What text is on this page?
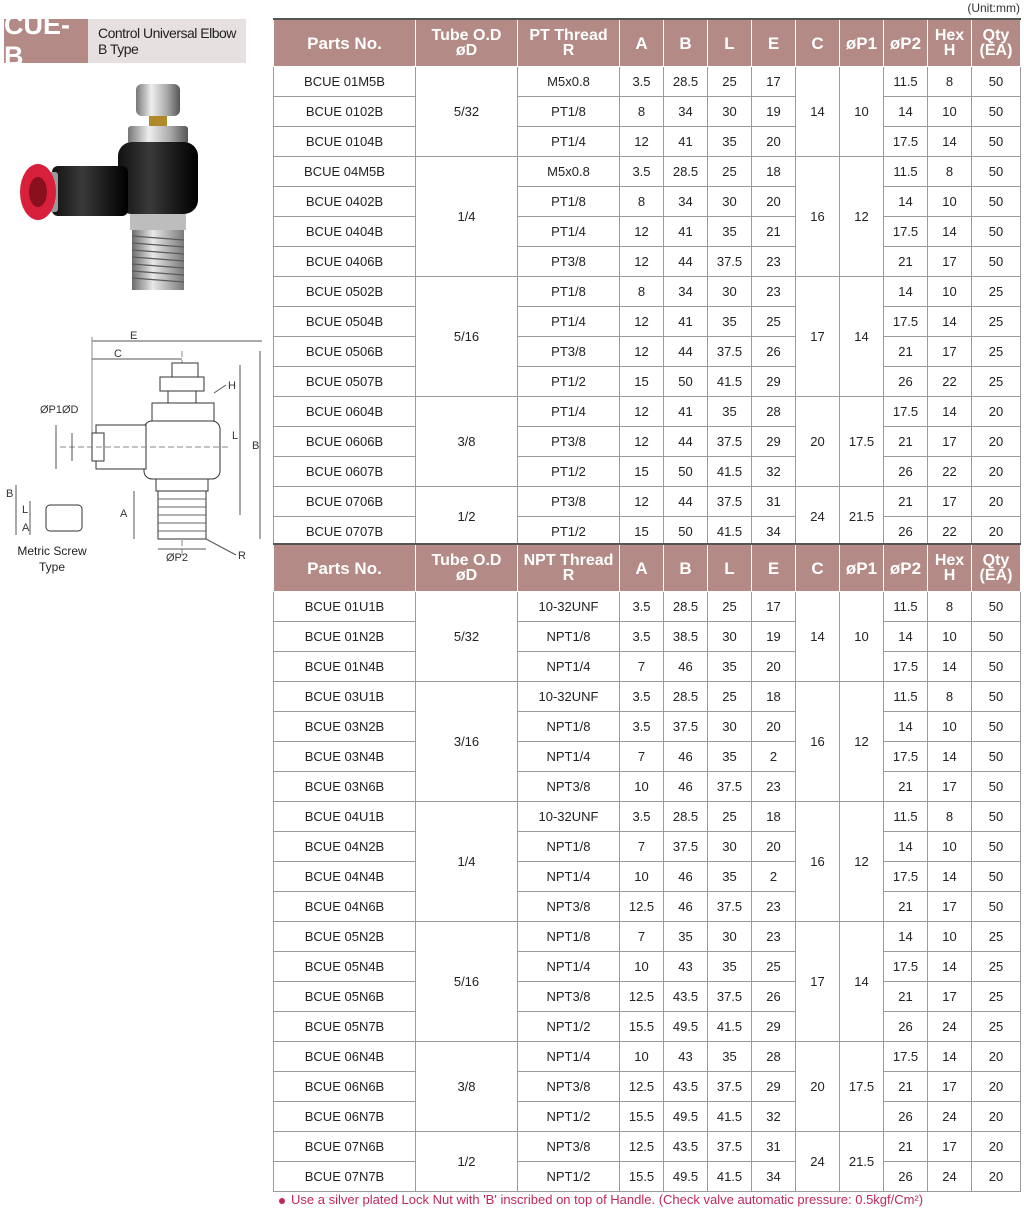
CUE-B
Control Universal Elbow B Type
(Unit:mm)
E
C
H
L
B
ØP1 ØD
A
ØP2	R
B
L
A
Metric Screw
Type
Parts No.	Tube O.D
øD	PT Thread
R	A	B	L	E	C	øP1	øP2	Hex
H	Qty
(EA)
BCUE 01M5B	5/32	M5x0.8	3.5	28.5	25	17	14	10	11.5	8	50
BCUE 0102B		PT1/8	8	34	30	19			14	10	50
BCUE 0104B		PT1/4	12	41	35	20			17.5	14	50
BCUE 04M5B	1/4	M5x0.8	3.5	28.5	25	18	16	12	11.5	8	50
BCUE 0402B		PT1/8	8	34	30	20			14	10	50
BCUE 0404B		PT1/4	12	41	35	21			17.5	14	50
BCUE 0406B		PT3/8	12	44	37.5	23			21	17	50
BCUE 0502B	5/16	PT1/8	8	34	30	23	17	14	14	10	25
BCUE 0504B		PT1/4	12	41	35	25			17.5	14	25
BCUE 0506B		PT3/8	12	44	37.5	26			21	17	25
BCUE 0507B		PT1/2	15	50	41.5	29			26	22	25
BCUE 0604B	3/8	PT1/4	12	41	35	28	20	17.5	17.5	14	20
BCUE 0606B		PT3/8	12	44	37.5	29			21	17	20
BCUE 0607B		PT1/2	15	50	41.5	32			26	22	20
BCUE 0706B	1/2	PT3/8	12	44	37.5	31	24	21.5	21	17	20
BCUE 0707B		PT1/2	15	50	41.5	34			26	22	20
Parts No.	Tube O.D
øD	NPT Thread
R	A	B	L	E	C	øP1	øP2	Hex
H	Qty
(EA)
BCUE 01U1B	5/32	10-32UNF	3.5	28.5	25	17	14	10	11.5	8	50
BCUE 01N2B		NPT1/8	3.5	38.5	30	19			14	10	50
BCUE 01N4B		NPT1/4	7	46	35	20			17.5	14	50
BCUE 03U1B	3/16	10-32UNF	3.5	28.5	25	18	16	12	11.5	8	50
BCUE 03N2B		NPT1/8	3.5	37.5	30	20			14	10	50
BCUE 03N4B		NPT1/4	7	46	35	2			17.5	14	50
BCUE 03N6B		NPT3/8	10	46	37.5	23			21	17	50
BCUE 04U1B	1/4	10-32UNF	3.5	28.5	25	18	16	12	11.5	8	50
BCUE 04N2B		NPT1/8	7	37.5	30	20			14	10	50
BCUE 04N4B		NPT1/4	10	46	35	2			17.5	14	50
BCUE 04N6B		NPT3/8	12.5	46	37.5	23			21	17	50
BCUE 05N2B	5/16	NPT1/8	7	35	30	23	17	14	14	10	25
BCUE 05N4B		NPT1/4	10	43	35	25			17.5	14	25
BCUE 05N6B		NPT3/8	12.5	43.5	37.5	26			21	17	25
BCUE 05N7B		NPT1/2	15.5	49.5	41.5	29			26	24	25
BCUE 06N4B	3/8	NPT1/4	10	43	35	28	20	17.5	17.5	14	20
BCUE 06N6B		NPT3/8	12.5	43.5	37.5	29			21	17	20
BCUE 06N7B		NPT1/2	15.5	49.5	41.5	32			26	24	20
BCUE 07N6B	1/2	NPT3/8	12.5	43.5	37.5	31	24	21.5	21	17	20
BCUE 07N7B		NPT1/2	15.5	49.5	41.5	34			26	24	20
Use a silver plated Lock Nut with 'B' inscribed on top of Handle. (Check valve automatic pressure: 0.5kgf/Cm²)
